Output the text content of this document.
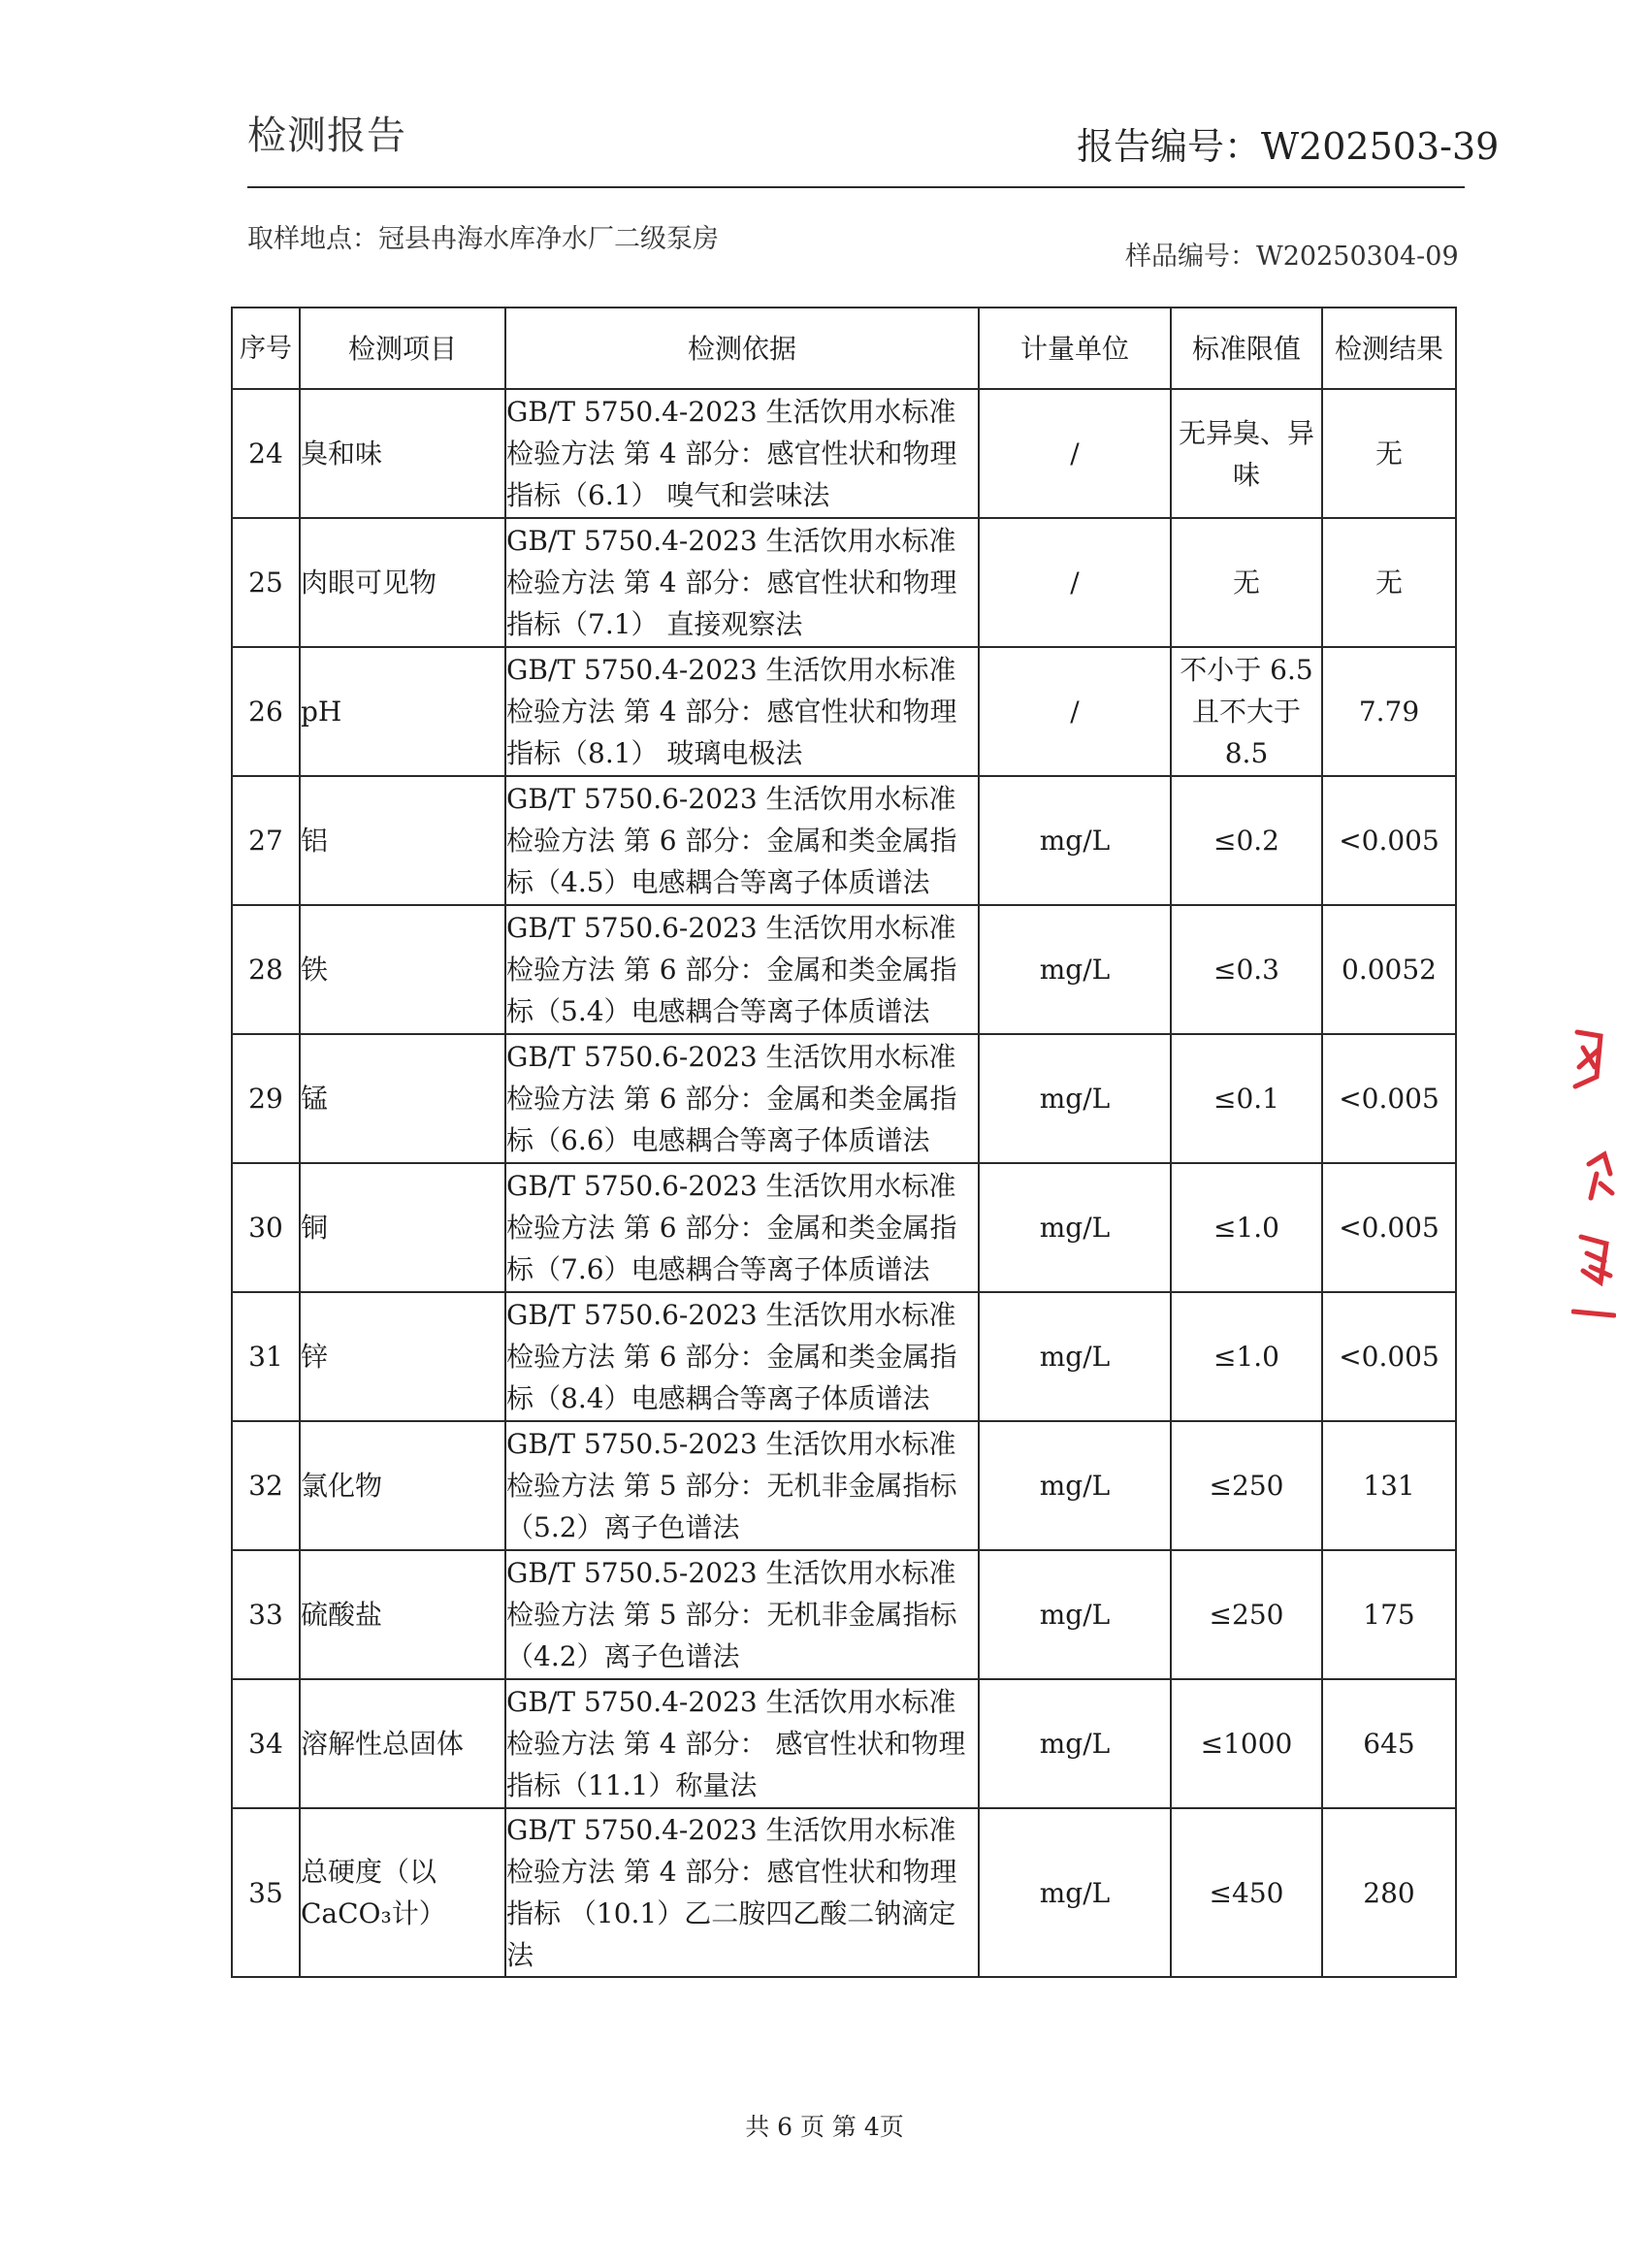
检测报告	报告编号：W202503-39
取样地点：冠县冉海水库净水厂二级泵房
样品编号：W20250304-09
序号	检测项目	检测依据	计量单位	标准限值	检测结果
24	臭和味	GB/T 5750.4-2023 生活饮用水标准检验方法 第 4 部分：感官性状和物理指标（6.1） 嗅气和尝味法	/	无异臭、异味	无
25	肉眼可见物	GB/T 5750.4-2023 生活饮用水标准检验方法 第 4 部分：感官性状和物理指标（7.1） 直接观察法	/	无	无
26	pH	GB/T 5750.4-2023 生活饮用水标准检验方法 第 4 部分：感官性状和物理指标（8.1） 玻璃电极法	/	不小于 6.5 且不大于 8.5	7.79
27	铝	GB/T 5750.6-2023 生活饮用水标准检验方法 第 6 部分：金属和类金属指标（4.5）电感耦合等离子体质谱法	mg/L	≤0.2	<0.005
28	铁	GB/T 5750.6-2023 生活饮用水标准检验方法 第 6 部分：金属和类金属指标（5.4）电感耦合等离子体质谱法	mg/L	≤0.3	0.0052
29	锰	GB/T 5750.6-2023 生活饮用水标准检验方法 第 6 部分：金属和类金属指标（6.6）电感耦合等离子体质谱法	mg/L	≤0.1	<0.005
30	铜	GB/T 5750.6-2023 生活饮用水标准检验方法 第 6 部分：金属和类金属指标（7.6）电感耦合等离子体质谱法	mg/L	≤1.0	<0.005
31	锌	GB/T 5750.6-2023 生活饮用水标准检验方法 第 6 部分：金属和类金属指标（8.4）电感耦合等离子体质谱法	mg/L	≤1.0	<0.005
32	氯化物	GB/T 5750.5-2023 生活饮用水标准检验方法 第 5 部分：无机非金属指标（5.2）离子色谱法	mg/L	≤250	131
33	硫酸盐	GB/T 5750.5-2023 生活饮用水标准检验方法 第 5 部分：无机非金属指标（4.2）离子色谱法	mg/L	≤250	175
34	溶解性总固体	GB/T 5750.4-2023 生活饮用水标准检验方法 第 4 部分： 感官性状和物理指标（11.1）称量法	mg/L	≤1000	645
35	总硬度（以CaCO₃计）	GB/T 5750.4-2023 生活饮用水标准检验方法 第 4 部分：感官性状和物理指标 （10.1）乙二胺四乙酸二钠滴定法	mg/L	≤450	280
共 6 页 第 4页
